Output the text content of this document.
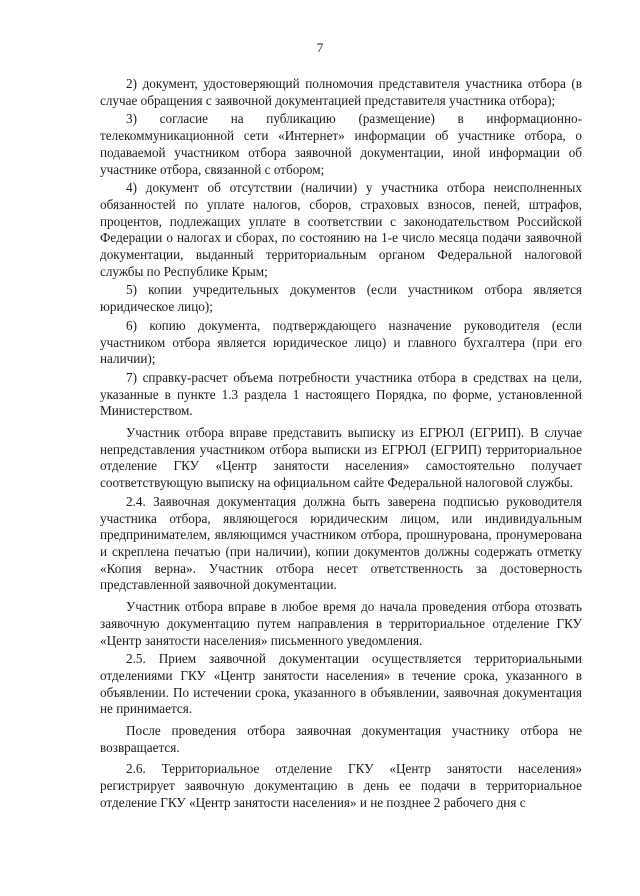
7

2) документ, удостоверяющий полномочия представителя участника отбора (в случае обращения с заявочной документацией представителя участника отбора);

3) согласие на публикацию (размещение) в информационно-телекоммуникационной сети «Интернет» информации об участнике отбора, о подаваемой участником отбора заявочной документации, иной информации об участнике отбора, связанной с отбором;

4) документ об отсутствии (наличии) у участника отбора неисполненных обязанностей по уплате налогов, сборов, страховых взносов, пеней, штрафов, процентов, подлежащих уплате в соответствии с законодательством Российской Федерации о налогах и сборах, по состоянию на 1-е число месяца подачи заявочной документации, выданный территориальным органом Федеральной налоговой службы по Республике Крым;

5) копии учредительных документов (если участником отбора является юридическое лицо);

6) копию документа, подтверждающего назначение руководителя (если участником отбора является юридическое лицо) и главного бухгалтера (при его наличии);

7) справку-расчет объема потребности участника отбора в средствах на цели, указанные в пункте 1.3 раздела 1 настоящего Порядка, по форме, установленной Министерством.

Участник отбора вправе представить выписку из ЕГРЮЛ (ЕГРИП). В случае непредставления участником отбора выписки из ЕГРЮЛ (ЕГРИП) территориальное отделение ГКУ «Центр занятости населения» самостоятельно получает соответствующую выписку на официальном сайте Федеральной налоговой службы.

2.4. Заявочная документация должна быть заверена подписью руководителя участника отбора, являющегося юридическим лицом, или индивидуальным предпринимателем, являющимся участником отбора, прошнурована, пронумерована и скреплена печатью (при наличии), копии документов должны содержать отметку «Копия верна». Участник отбора несет ответственность за достоверность представленной заявочной документации.

Участник отбора вправе в любое время до начала проведения отбора отозвать заявочную документацию путем направления в территориальное отделение ГКУ «Центр занятости населения» письменного уведомления.

2.5. Прием заявочной документации осуществляется территориальными отделениями ГКУ «Центр занятости населения» в течение срока, указанного в объявлении. По истечении срока, указанного в объявлении, заявочная документация не принимается.

После проведения отбора заявочная документация участнику отбора не возвращается.

2.6. Территориальное отделение ГКУ «Центр занятости населения» регистрирует заявочную документацию в день ее подачи в территориальное отделение ГКУ «Центр занятости населения» и не позднее 2 рабочего дня с
